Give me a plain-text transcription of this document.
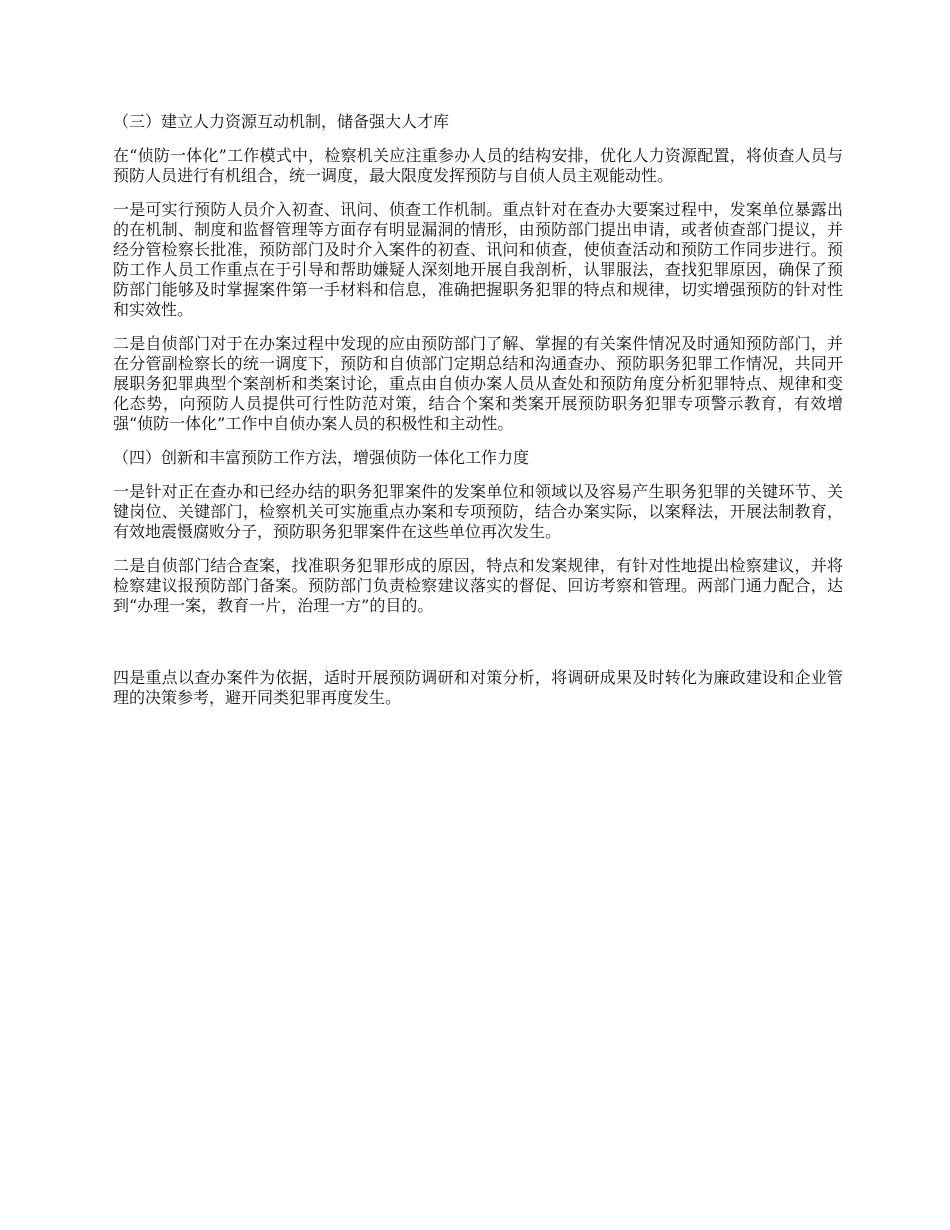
（三）建立人力资源互动机制，储备强大人才库

在“侦防一体化”工作模式中，检察机关应注重参办人员的结构安排，优化人力资源配置，将侦查人员与预防人员进行有机组合，统一调度，最大限度发挥预防与自侦人员主观能动性。

一是可实行预防人员介入初查、讯问、侦查工作机制。重点针对在查办大要案过程中，发案单位暴露出的在机制、制度和监督管理等方面存有明显漏洞的情形，由预防部门提出申请，或者侦查部门提议，并经分管检察长批准，预防部门及时介入案件的初查、讯问和侦查，使侦查活动和预防工作同步进行。预防工作人员工作重点在于引导和帮助嫌疑人深刻地开展自我剖析，认罪服法，查找犯罪原因，确保了预防部门能够及时掌握案件第一手材料和信息，准确把握职务犯罪的特点和规律，切实增强预防的针对性和实效性。

二是自侦部门对于在办案过程中发现的应由预防部门了解、掌握的有关案件情况及时通知预防部门，并在分管副检察长的统一调度下，预防和自侦部门定期总结和沟通查办、预防职务犯罪工作情况，共同开展职务犯罪典型个案剖析和类案讨论，重点由自侦办案人员从查处和预防角度分析犯罪特点、规律和变化态势，向预防人员提供可行性防范对策，结合个案和类案开展预防职务犯罪专项警示教育，有效增强“侦防一体化”工作中自侦办案人员的积极性和主动性。

（四）创新和丰富预防工作方法，增强侦防一体化工作力度

一是针对正在查办和已经办结的职务犯罪案件的发案单位和领域以及容易产生职务犯罪的关键环节、关键岗位、关键部门，检察机关可实施重点办案和专项预防，结合办案实际，以案释法，开展法制教育，有效地震慑腐败分子，预防职务犯罪案件在这些单位再次发生。

二是自侦部门结合查案，找准职务犯罪形成的原因，特点和发案规律，有针对性地提出检察建议，并将检察建议报预防部门备案。预防部门负责检察建议落实的督促、回访考察和管理。两部门通力配合，达到“办理一案，教育一片，治理一方”的目的。

四是重点以查办案件为依据，适时开展预防调研和对策分析，将调研成果及时转化为廉政建设和企业管理的决策参考，避开同类犯罪再度发生。
